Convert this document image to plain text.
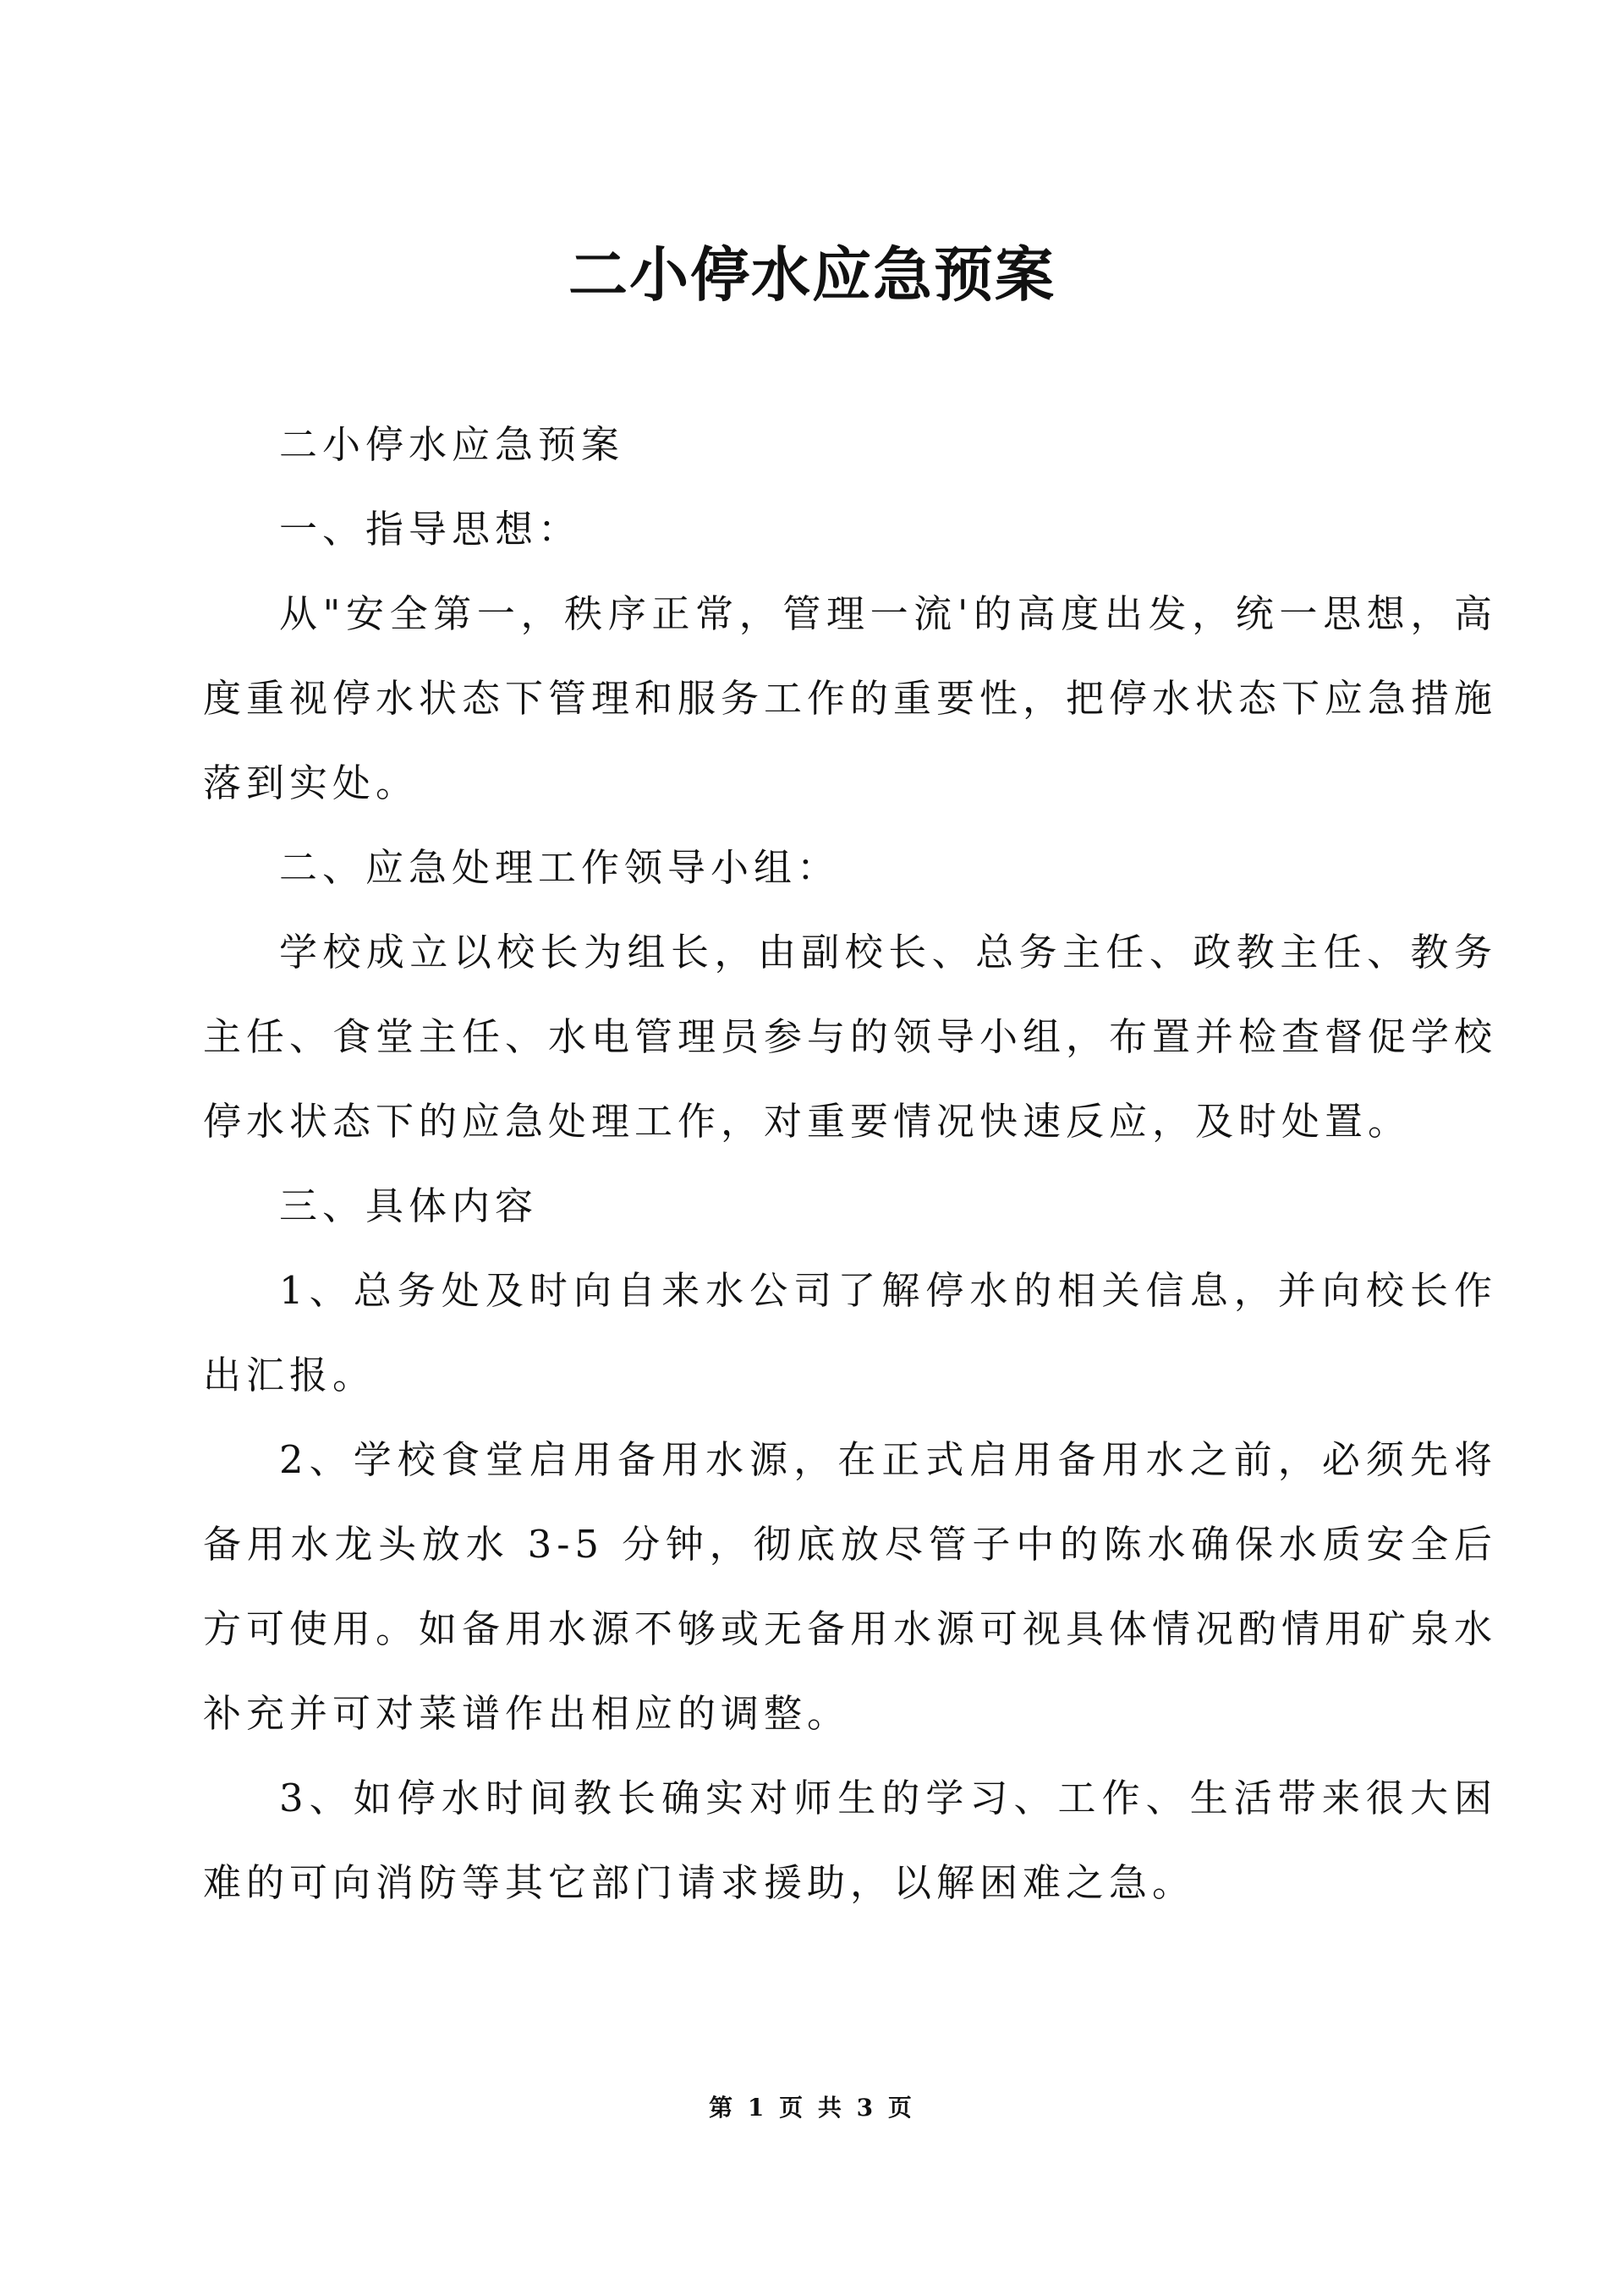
二小停水应急预案

二小停水应急预案

一、指导思想：

从"安全第一，秩序正常，管理一流'的高度出发，统一思想，高度重视停水状态下管理和服务工作的重要性，把停水状态下应急措施落到实处。

二、应急处理工作领导小组：

学校成立以校长为组长，由副校长、总务主任、政教主任、教务主任、食堂主任、水电管理员参与的领导小组，布置并检查督促学校停水状态下的应急处理工作，对重要情况快速反应，及时处置。

三、具体内容

1、总务处及时向自来水公司了解停水的相关信息，并向校长作出汇报。

2、学校食堂启用备用水源，在正式启用备用水之前，必须先将备用水龙头放水 3-5 分钟，彻底放尽管子中的陈水确保水质安全后方可使用。如备用水源不够或无备用水源可视具体情况酌情用矿泉水补充并可对菜谱作出相应的调整。

3、如停水时间教长确实对师生的学习、工作、生活带来很大困难的可向消防等其它部门请求援助，以解困难之急。

第 1 页 共 3 页
